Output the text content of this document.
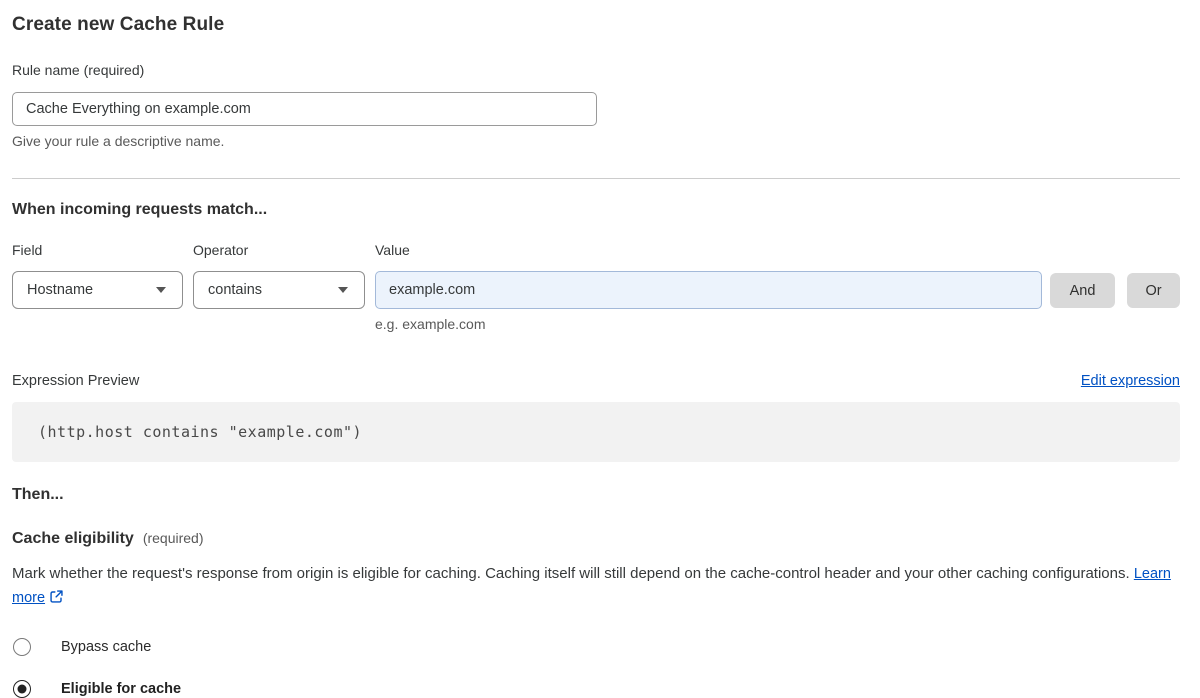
Create new Cache Rule
Rule name (required)
Cache Everything on example.com
Give your rule a descriptive name.
When incoming requests match...
Field
Hostname
Operator
contains
Value
example.com
e.g. example.com
And	Or
Expression Preview	Edit expression
(http.host contains "example.com")
Then...
Cache eligibility (required)

Mark whether the request's response from origin is eligible for caching. Caching itself will still depend on the cache-control header and your other caching configurations. Learn more

Bypass cache
Eligible for cache
